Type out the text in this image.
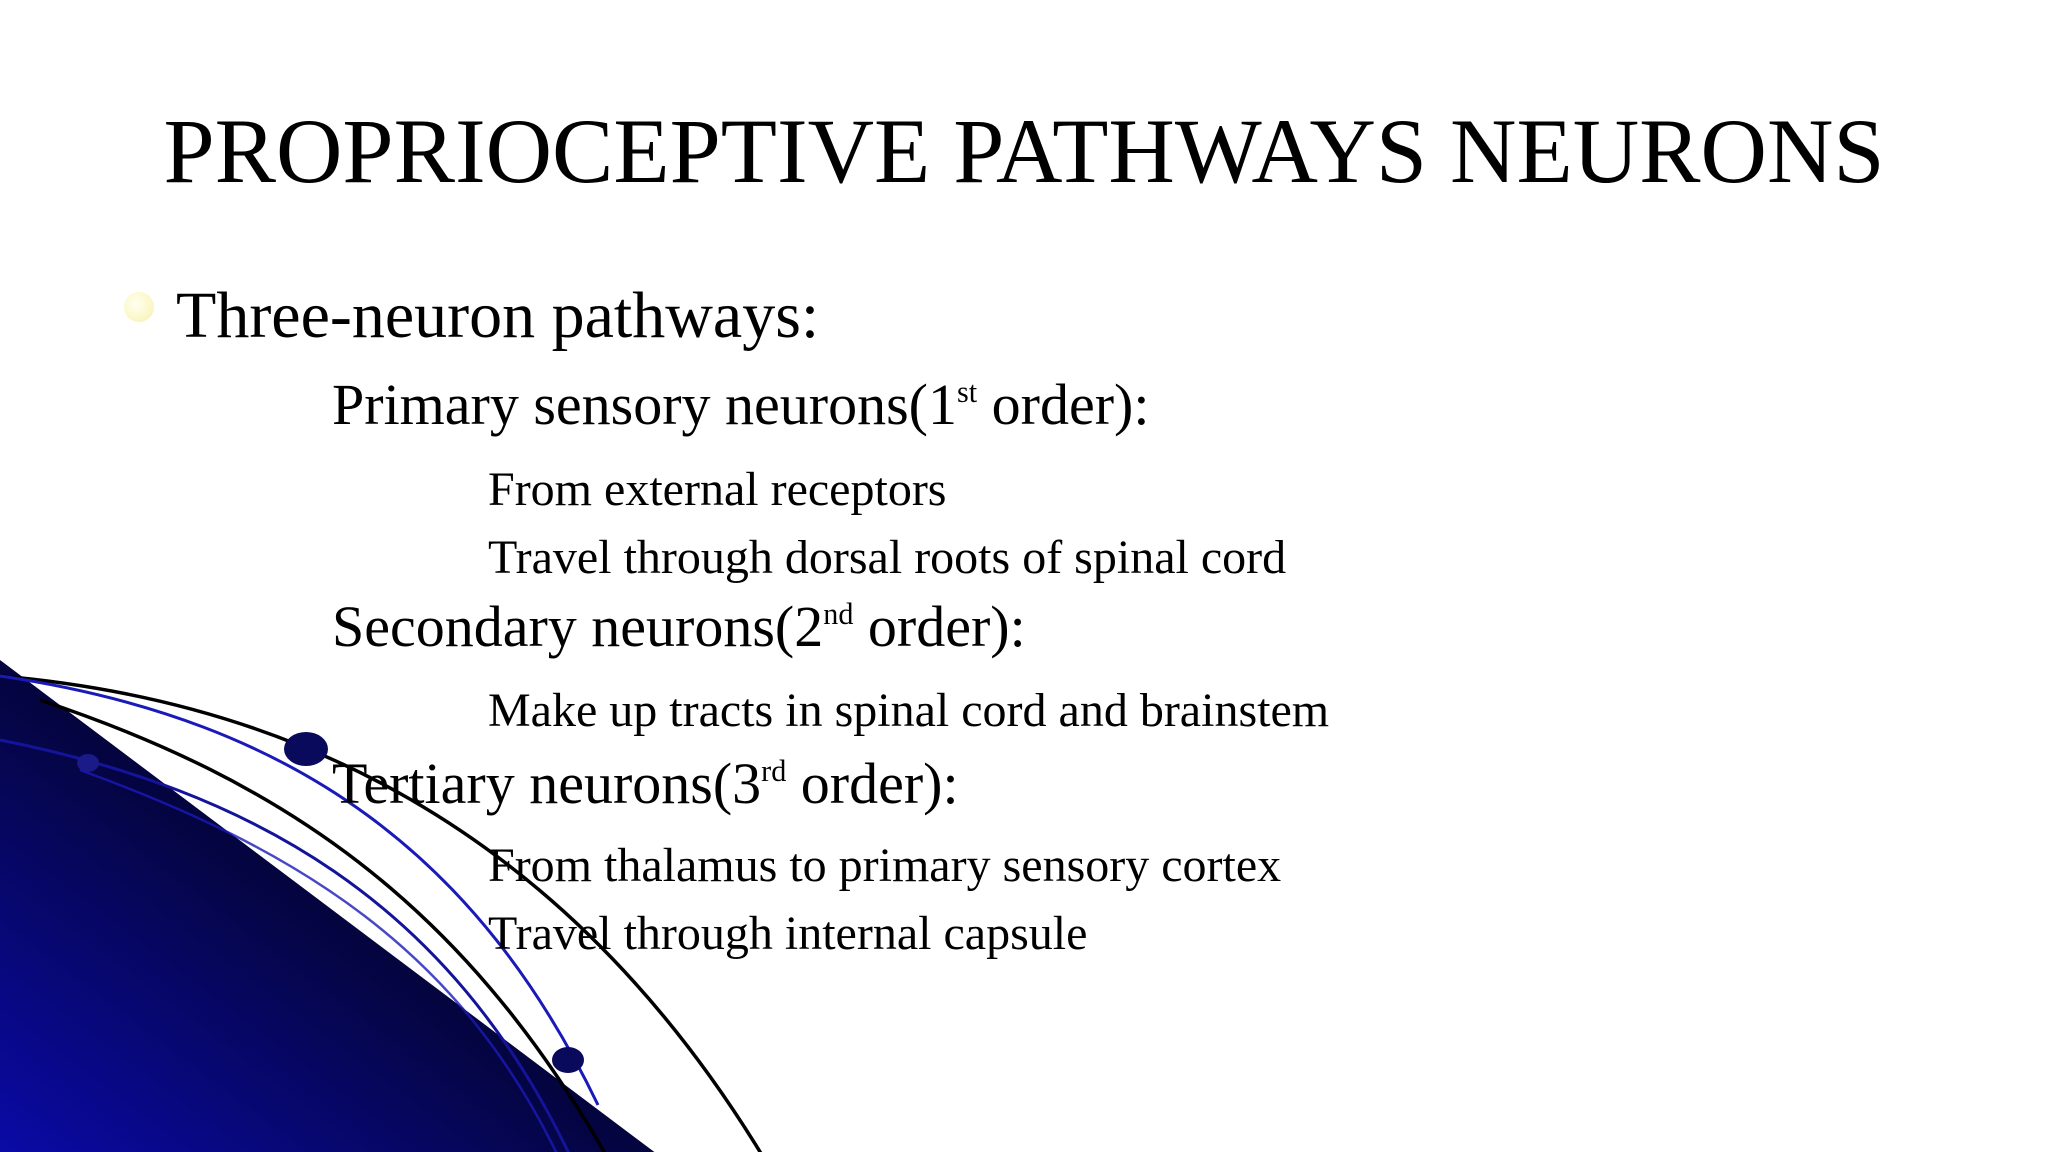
PROPRIOCEPTIVE PATHWAYS NEURONS

Three-neuron pathways:

Primary sensory neurons(1st order):

From external receptors

Travel through dorsal roots of spinal cord

Secondary neurons(2nd order):

Make up tracts in spinal cord and brainstem

Tertiary neurons(3rd order):

From thalamus to primary sensory cortex

Travel through internal capsule
